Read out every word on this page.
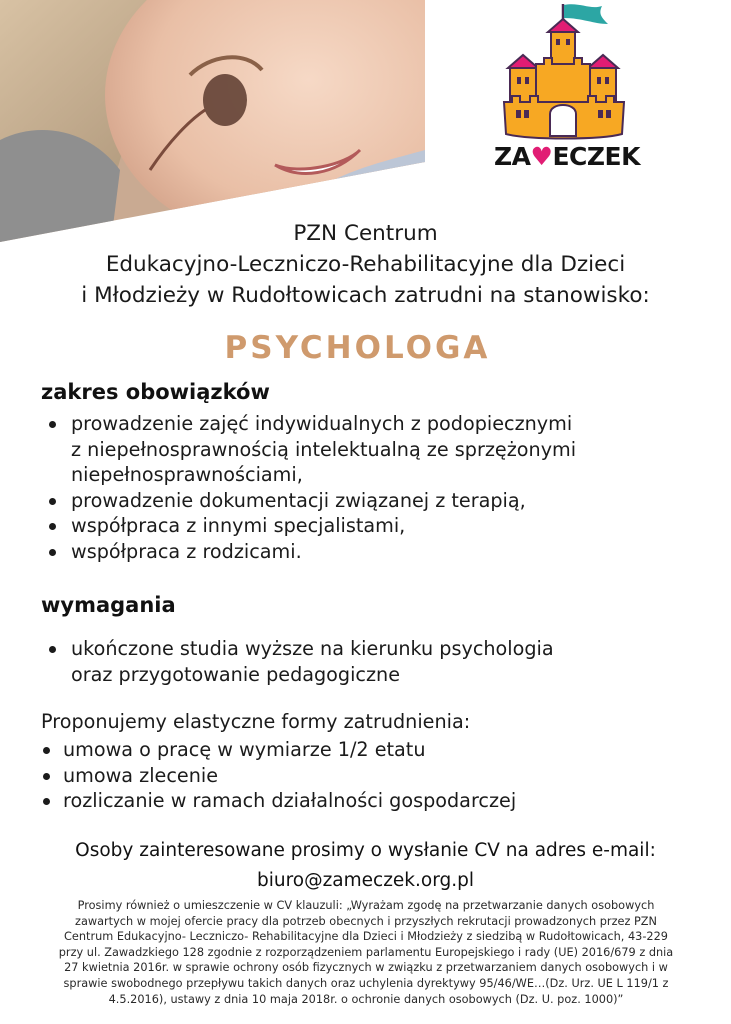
ZA♥ECZEK
PZN Centrum
Edukacyjno-Leczniczo-Rehabilitacyjne dla Dzieci
i Młodzieży w Rudołtowicach zatrudni na stanowisko:
PSYCHOLOGA
zakres obowiązków
prowadzenie zajęć indywidualnych z podopiecznymi
z niepełnosprawnością intelektualną ze sprzężonymi
niepełnosprawnościami,
prowadzenie dokumentacji związanej z terapią,
współpraca z innymi specjalistami,
współpraca z rodzicami.
wymagania
ukończone studia wyższe na kierunku psychologia
oraz przygotowanie pedagogiczne
Proponujemy elastyczne formy zatrudnienia:
umowa o pracę w wymiarze 1/2 etatu
umowa zlecenie
rozliczanie w ramach działalności gospodarczej
Osoby zainteresowane prosimy o wysłanie CV na adres e-mail:
biuro@zameczek.org.pl
Prosimy również o umieszczenie w CV klauzuli: „Wyrażam zgodę na przetwarzanie danych osobowych
zawartych w mojej ofercie pracy dla potrzeb obecnych i przyszłych rekrutacji prowadzonych przez PZN
Centrum Edukacyjno- Leczniczo- Rehabilitacyjne dla Dzieci i Młodzieży z siedzibą w Rudołtowicach, 43-229
przy ul. Zawadzkiego 128 zgodnie z rozporządzeniem parlamentu Europejskiego i rady (UE) 2016/679 z dnia
27 kwietnia 2016r. w sprawie ochrony osób fizycznych w związku z przetwarzaniem danych osobowych i w
sprawie swobodnego przepływu takich danych oraz uchylenia dyrektywy 95/46/WE…(Dz. Urz. UE L 119/1 z
4.5.2016), ustawy z dnia 10 maja 2018r. o ochronie danych osobowych (Dz. U. poz. 1000)”
